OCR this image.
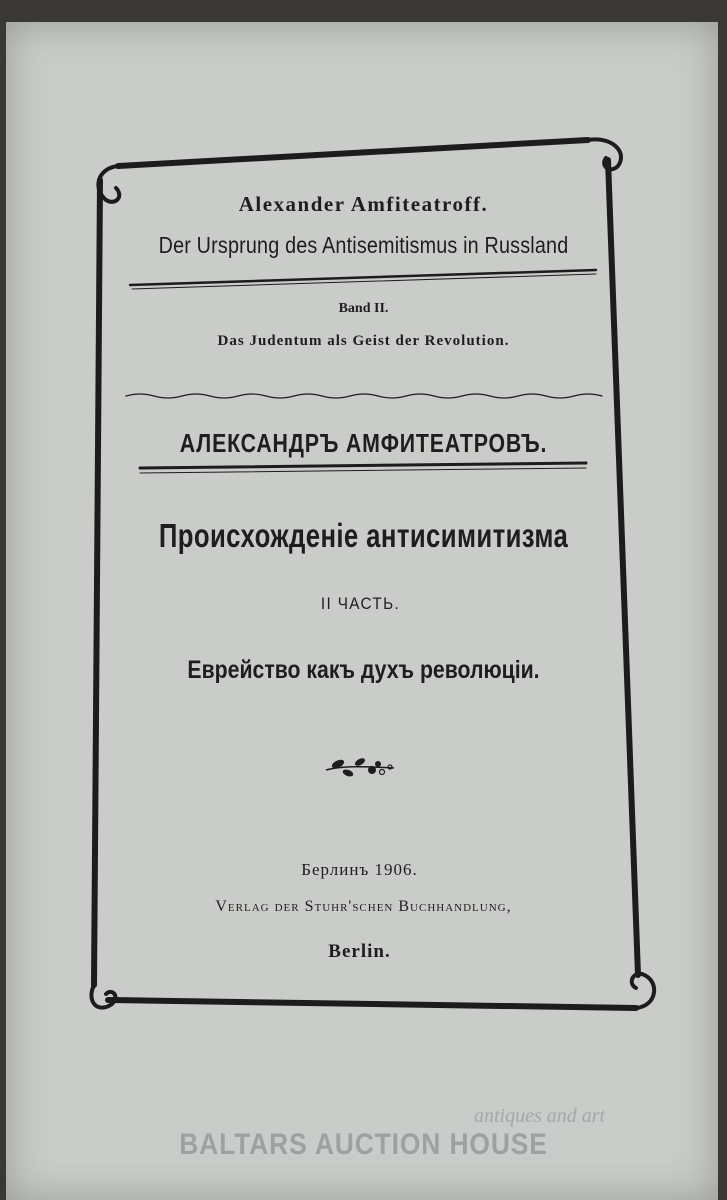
Alexander Amfiteatroff.
Der Ursprung des Antisemitismus in Russland
Band II.
Das Judentum als Geist der Revolution.
АЛЕКСАНДРЪ АМФИТЕАТРОВЪ.
Происхожденіе антисимитизма
II ЧАСТЬ.
Еврейство какъ духъ революціи.
Берлинъ 1906.
Verlag der Stuhr'schen Buchhandlung,
Berlin.
antiques and art
BALTARS AUCTION HOUSE
